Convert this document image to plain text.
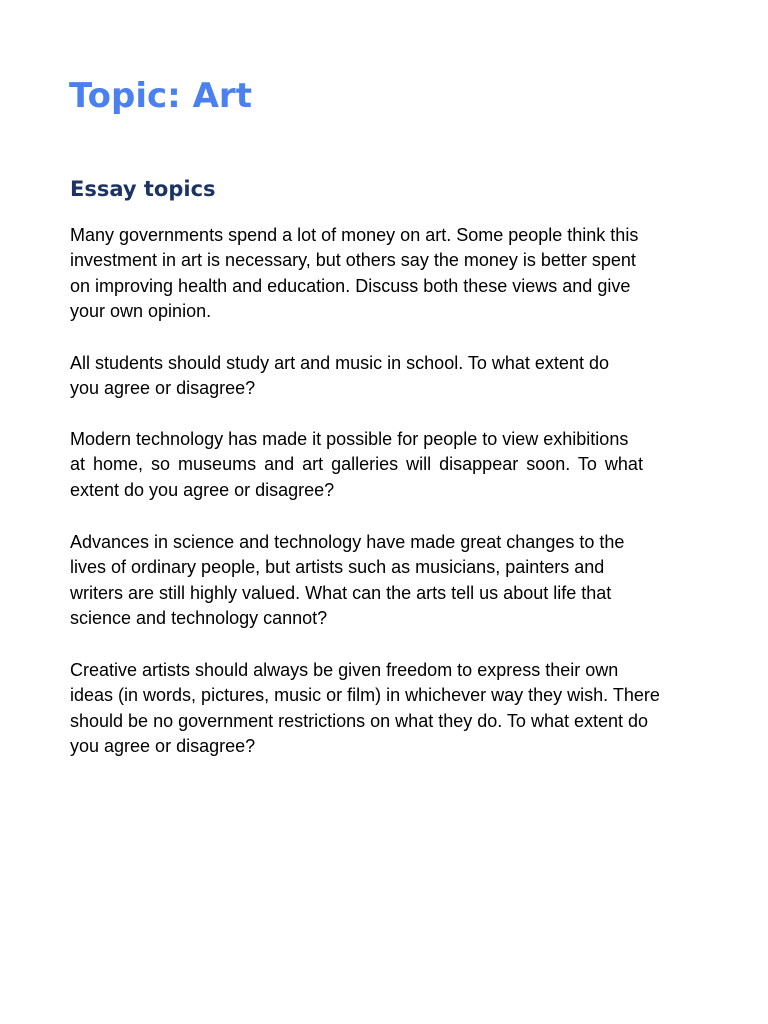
Topic: Art
Essay topics

Many governments spend a lot of money on art. Some people think this
investment in art is necessary, but others say the money is better spent
on improving health and education. Discuss both these views and give
your own opinion.

All students should study art and music in school. To what extent do
you agree or disagree?

Modern technology has made it possible for people to view exhibitions
at home, so museums and art galleries will disappear soon. To what
extent do you agree or disagree?

Advances in science and technology have made great changes to the
lives of ordinary people, but artists such as musicians, painters and
writers are still highly valued. What can the arts tell us about life that
science and technology cannot?

Creative artists should always be given freedom to express their own
ideas (in words, pictures, music or film) in whichever way they wish. There
should be no government restrictions on what they do. To what extent do
you agree or disagree?
